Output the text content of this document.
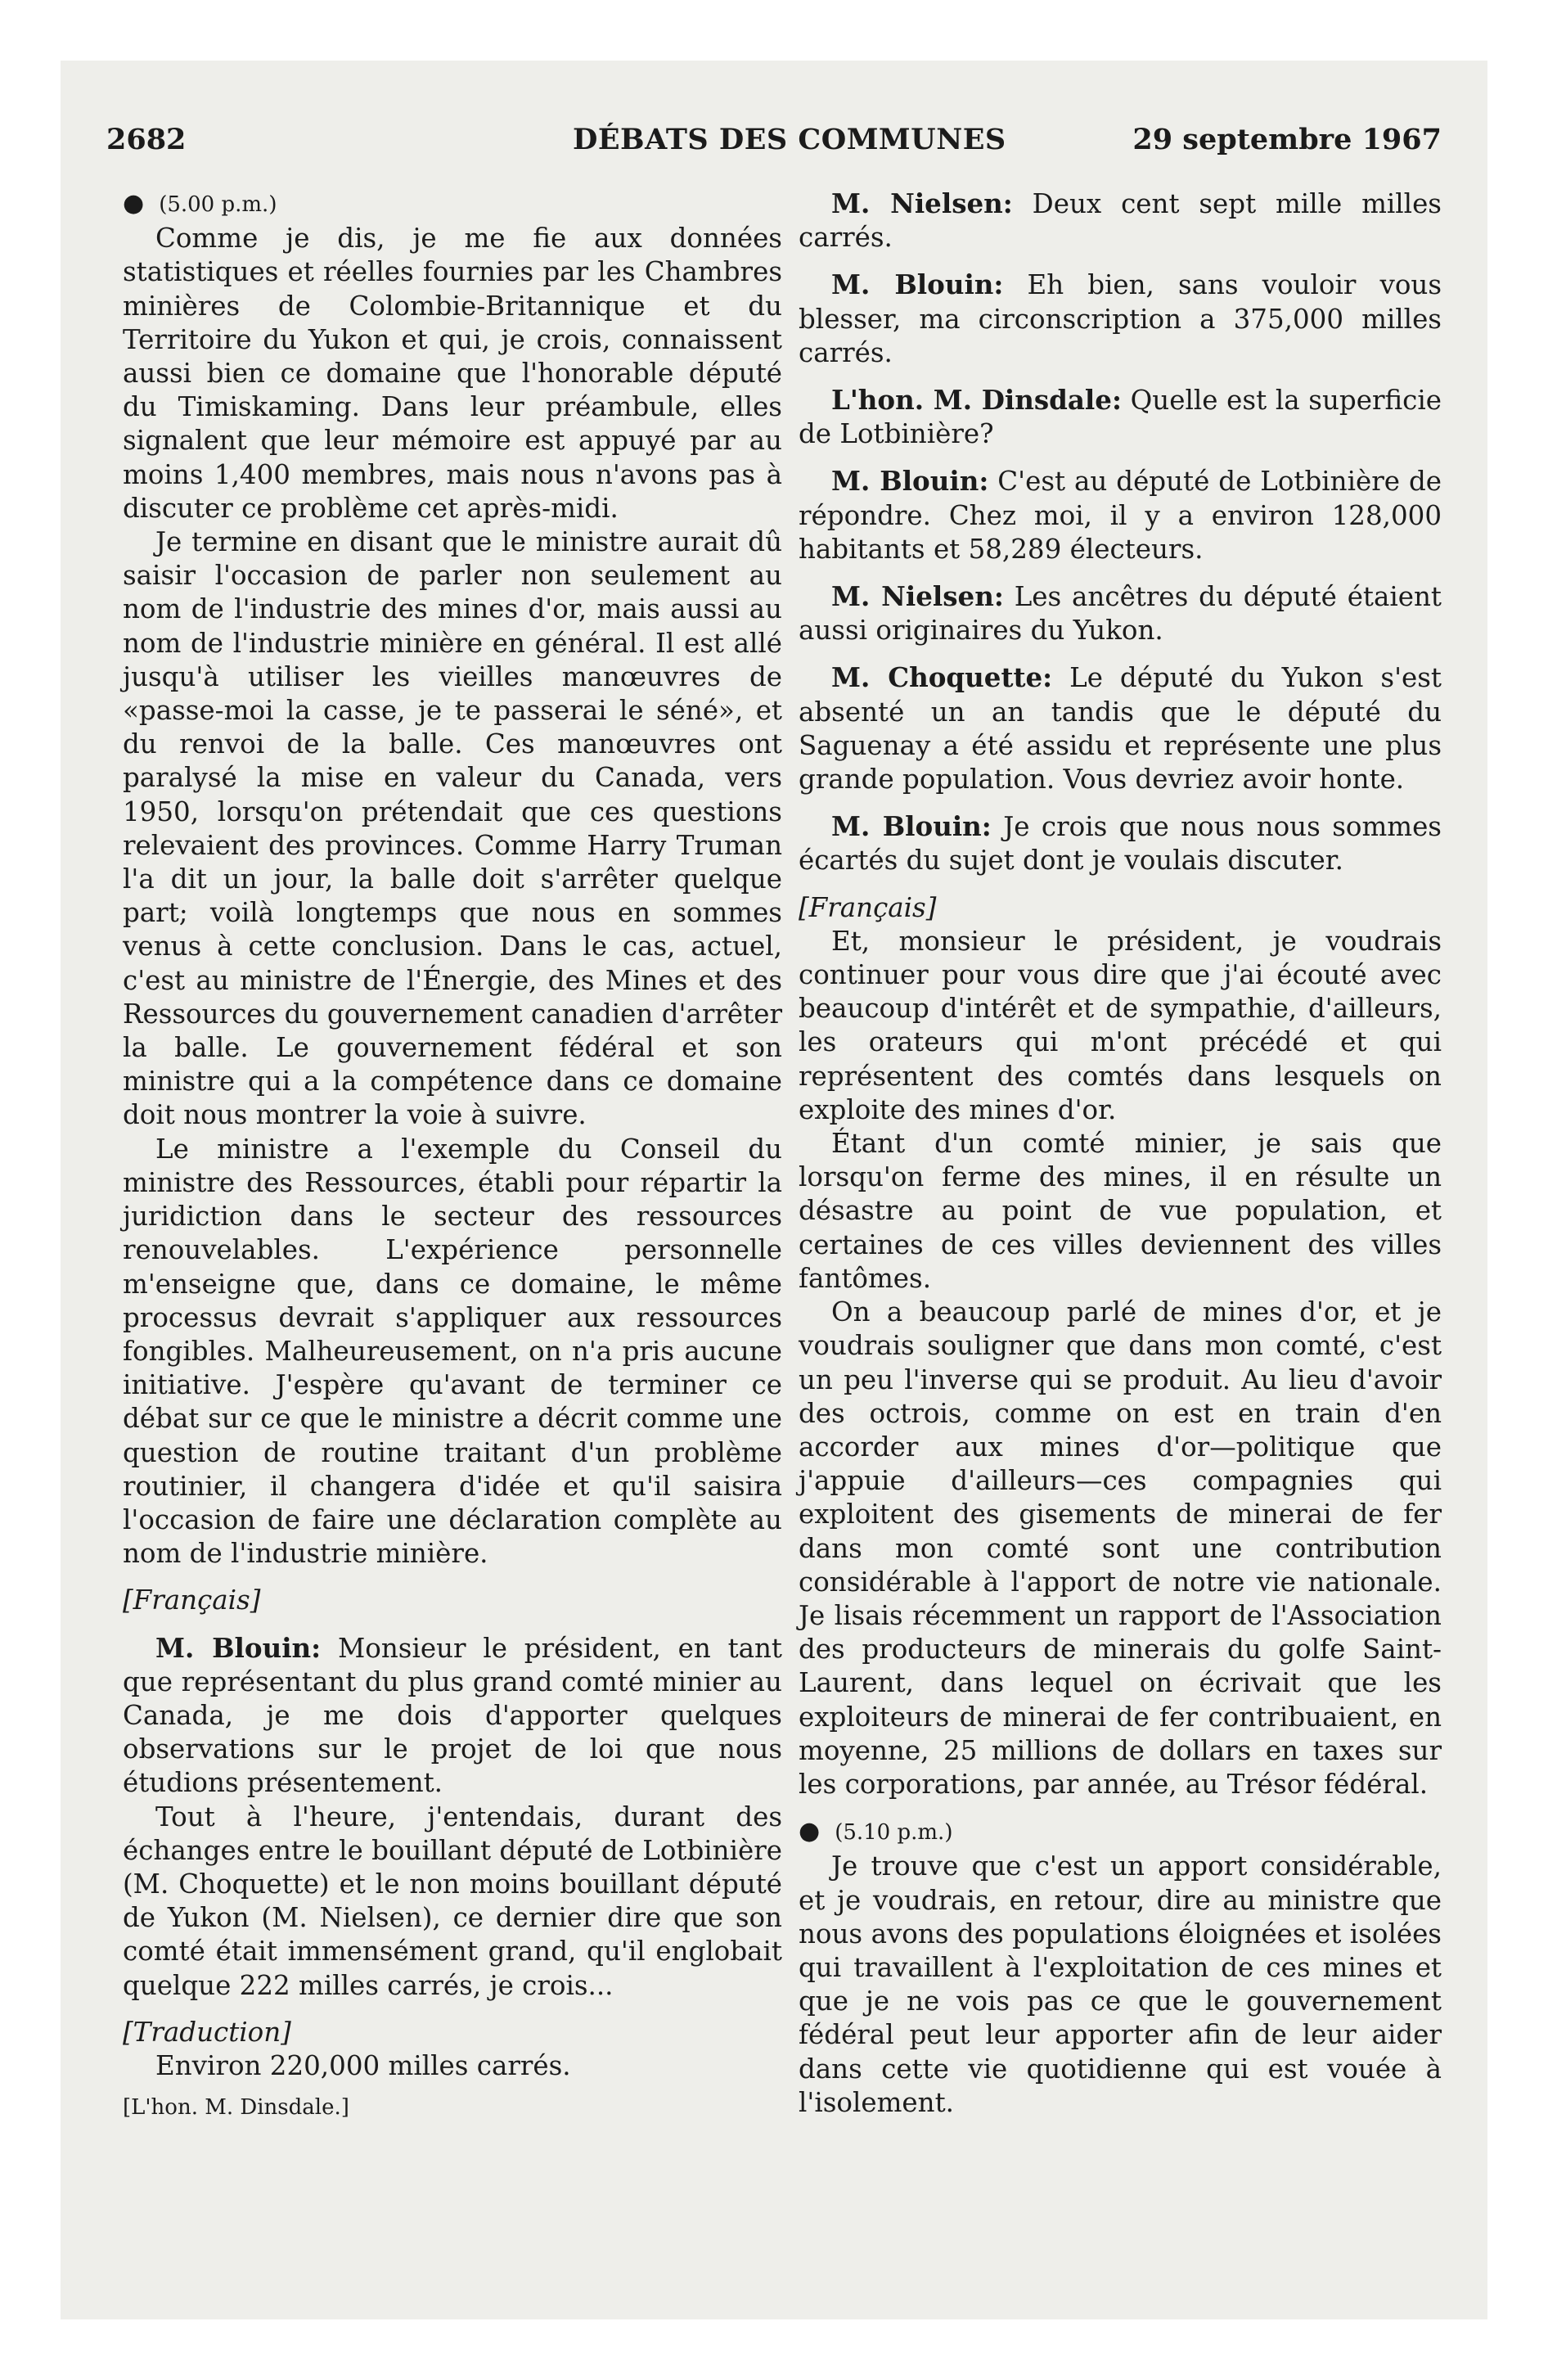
2682	DÉBATS DES COMMUNES	29 septembre 1967

● (5.00 p.m.)

Comme je dis, je me fie aux données statistiques et réelles fournies par les Chambres minières de Colombie-Britannique et du Territoire du Yukon et qui, je crois, connaissent aussi bien ce domaine que l'honorable député du Timiskaming. Dans leur préambule, elles signalent que leur mémoire est appuyé par au moins 1,400 membres, mais nous n'avons pas à discuter ce problème cet après-midi.

Je termine en disant que le ministre aurait dû saisir l'occasion de parler non seulement au nom de l'industrie des mines d'or, mais aussi au nom de l'industrie minière en général. Il est allé jusqu'à utiliser les vieilles manœuvres de «passe-moi la casse, je te passerai le séné», et du renvoi de la balle. Ces manœuvres ont paralysé la mise en valeur du Canada, vers 1950, lorsqu'on prétendait que ces questions relevaient des provinces. Comme Harry Truman l'a dit un jour, la balle doit s'arrêter quelque part; voilà longtemps que nous en sommes venus à cette conclusion. Dans le cas, actuel, c'est au ministre de l'Énergie, des Mines et des Ressources du gouvernement canadien d'arrêter la balle. Le gouvernement fédéral et son ministre qui a la compétence dans ce domaine doit nous montrer la voie à suivre.

Le ministre a l'exemple du Conseil du ministre des Ressources, établi pour répartir la juridiction dans le secteur des ressources renouvelables. L'expérience personnelle m'enseigne que, dans ce domaine, le même processus devrait s'appliquer aux ressources fongibles. Malheureusement, on n'a pris aucune initiative. J'espère qu'avant de terminer ce débat sur ce que le ministre a décrit comme une question de routine traitant d'un problème routinier, il changera d'idée et qu'il saisira l'occasion de faire une déclaration complète au nom de l'industrie minière.

[Français]

M. Blouin: Monsieur le président, en tant que représentant du plus grand comté minier au Canada, je me dois d'apporter quelques observations sur le projet de loi que nous étudions présentement.

Tout à l'heure, j'entendais, durant des échanges entre le bouillant député de Lotbinière (M. Choquette) et le non moins bouillant député de Yukon (M. Nielsen), ce dernier dire que son comté était immensément grand, qu'il englobait quelque 222 milles carrés, je crois...

[Traduction]

Environ 220,000 milles carrés.

[L'hon. M. Dinsdale.]

M. Nielsen: Deux cent sept mille milles carrés.

M. Blouin: Eh bien, sans vouloir vous blesser, ma circonscription a 375,000 milles carrés.

L'hon. M. Dinsdale: Quelle est la superficie de Lotbinière?

M. Blouin: C'est au député de Lotbinière de répondre. Chez moi, il y a environ 128,000 habitants et 58,289 électeurs.

M. Nielsen: Les ancêtres du député étaient aussi originaires du Yukon.

M. Choquette: Le député du Yukon s'est absenté un an tandis que le député du Saguenay a été assidu et représente une plus grande population. Vous devriez avoir honte.

M. Blouin: Je crois que nous nous sommes écartés du sujet dont je voulais discuter.

[Français]

Et, monsieur le président, je voudrais continuer pour vous dire que j'ai écouté avec beaucoup d'intérêt et de sympathie, d'ailleurs, les orateurs qui m'ont précédé et qui représentent des comtés dans lesquels on exploite des mines d'or.

Étant d'un comté minier, je sais que lorsqu'on ferme des mines, il en résulte un désastre au point de vue population, et certaines de ces villes deviennent des villes fantômes.

On a beaucoup parlé de mines d'or, et je voudrais souligner que dans mon comté, c'est un peu l'inverse qui se produit. Au lieu d'avoir des octrois, comme on est en train d'en accorder aux mines d'or—politique que j'appuie d'ailleurs—ces compagnies qui exploitent des gisements de minerai de fer dans mon comté sont une contribution considérable à l'apport de notre vie nationale. Je lisais récemment un rapport de l'Association des producteurs de minerais du golfe Saint-Laurent, dans lequel on écrivait que les exploiteurs de minerai de fer contribuaient, en moyenne, 25 millions de dollars en taxes sur les corporations, par année, au Trésor fédéral.

● (5.10 p.m.)

Je trouve que c'est un apport considérable, et je voudrais, en retour, dire au ministre que nous avons des populations éloignées et isolées qui travaillent à l'exploitation de ces mines et que je ne vois pas ce que le gouvernement fédéral peut leur apporter afin de leur aider dans cette vie quotidienne qui est vouée à l'isolement.
